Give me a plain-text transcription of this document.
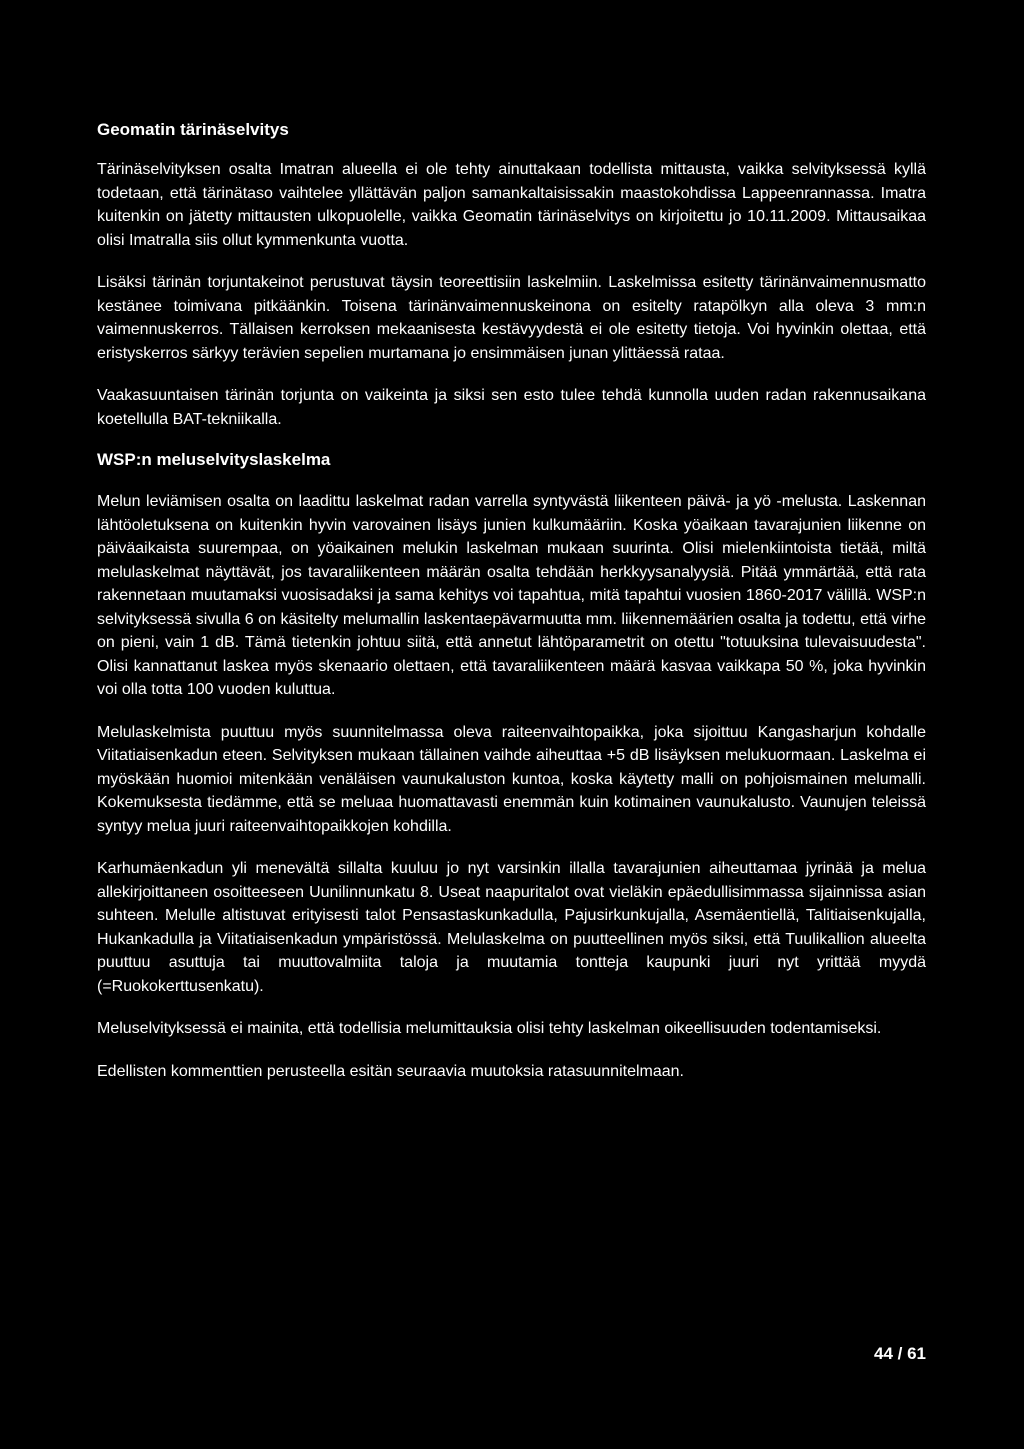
Geomatin tärinäselvitys

Tärinäselvityksen osalta Imatran alueella ei ole tehty ainuttakaan todellista mittausta, vaikka selvityksessä kyllä todetaan, että tärinätaso vaihtelee yllättävän paljon samankaltaisissakin maastokohdissa Lappeenrannassa. Imatra kuitenkin on jätetty mittausten ulkopuolelle, vaikka Geomatin tärinäselvitys on kirjoitettu jo 10.11.2009. Mittausaikaa olisi Imatralla siis ollut kymmenkunta vuotta.

Lisäksi tärinän torjuntakeinot perustuvat täysin teoreettisiin laskelmiin. Laskelmissa esitetty tärinänvaimennusmatto kestänee toimivana pitkäänkin. Toisena tärinänvaimennuskeinona on esitelty ratapölkyn alla oleva 3 mm:n vaimennuskerros. Tällaisen kerroksen mekaanisesta kestävyydestä ei ole esitetty tietoja. Voi hyvinkin olettaa, että eristyskerros särkyy terävien sepelien murtamana jo ensimmäisen junan ylittäessä rataa.

Vaakasuuntaisen tärinän torjunta on vaikeinta ja siksi sen esto tulee tehdä kunnolla uuden radan rakennusaikana koetellulla BAT-tekniikalla.

WSP:n meluselvityslaskelma

Melun leviämisen osalta on laadittu laskelmat radan varrella syntyvästä liikenteen päivä- ja yö -melusta. Laskennan lähtöoletuksena on kuitenkin hyvin varovainen lisäys junien kulkumääriin. Koska yöaikaan tavarajunien liikenne on päiväaikaista suurempaa, on yöaikainen melukin laskelman mukaan suurinta. Olisi mielenkiintoista tietää, miltä melulaskelmat näyttävät, jos tavaraliikenteen määrän osalta tehdään herkkyysanalyysiä. Pitää ymmärtää, että rata rakennetaan muutamaksi vuosisadaksi ja sama kehitys voi tapahtua, mitä tapahtui vuosien 1860-2017 välillä. WSP:n selvityksessä sivulla 6 on käsitelty melumallin laskentaepävarmuutta mm. liikennemäärien osalta ja todettu, että virhe on pieni, vain 1 dB. Tämä tietenkin johtuu siitä, että annetut lähtöparametrit on otettu "totuuksina tulevaisuudesta". Olisi kannattanut laskea myös skenaario olettaen, että tavaraliikenteen määrä kasvaa vaikkapa 50 %, joka hyvinkin voi olla totta 100 vuoden kuluttua.

Melulaskelmista puuttuu myös suunnitelmassa oleva raiteenvaihtopaikka, joka sijoittuu Kangasharjun kohdalle Viitatiaisenkadun eteen. Selvityksen mukaan tällainen vaihde aiheuttaa +5 dB lisäyksen melukuormaan. Laskelma ei myöskään huomioi mitenkään venäläisen vaunukaluston kuntoa, koska käytetty malli on pohjoismainen melumalli. Kokemuksesta tiedämme, että se meluaa huomattavasti enemmän kuin kotimainen vaunukalusto. Vaunujen teleissä syntyy melua juuri raiteenvaihtopaikkojen kohdilla.

Karhumäenkadun yli menevältä sillalta kuuluu jo nyt varsinkin illalla tavarajunien aiheuttamaa jyrinää ja melua allekirjoittaneen osoitteeseen Uunilinnunkatu 8. Useat naapuritalot ovat vieläkin epäedullisimmassa sijainnissa asian suhteen. Melulle altistuvat erityisesti talot Pensastaskunkadulla, Pajusirkunkujalla, Asemäentiellä, Talitiaisenkujalla, Hukankadulla ja Viitatiaisenkadun ympäristössä. Melulaskelma on puutteellinen myös siksi, että Tuulikallion alueelta puuttuu asuttuja tai muuttovalmiita taloja ja muutamia tontteja kaupunki juuri nyt yrittää myydä (=Ruokokerttusenkatu).

Meluselvityksessä ei mainita, että todellisia melumittauksia olisi tehty laskelman oikeellisuuden todentamiseksi.

Edellisten kommenttien perusteella esitän seuraavia muutoksia ratasuunnitelmaan.

44 / 61
